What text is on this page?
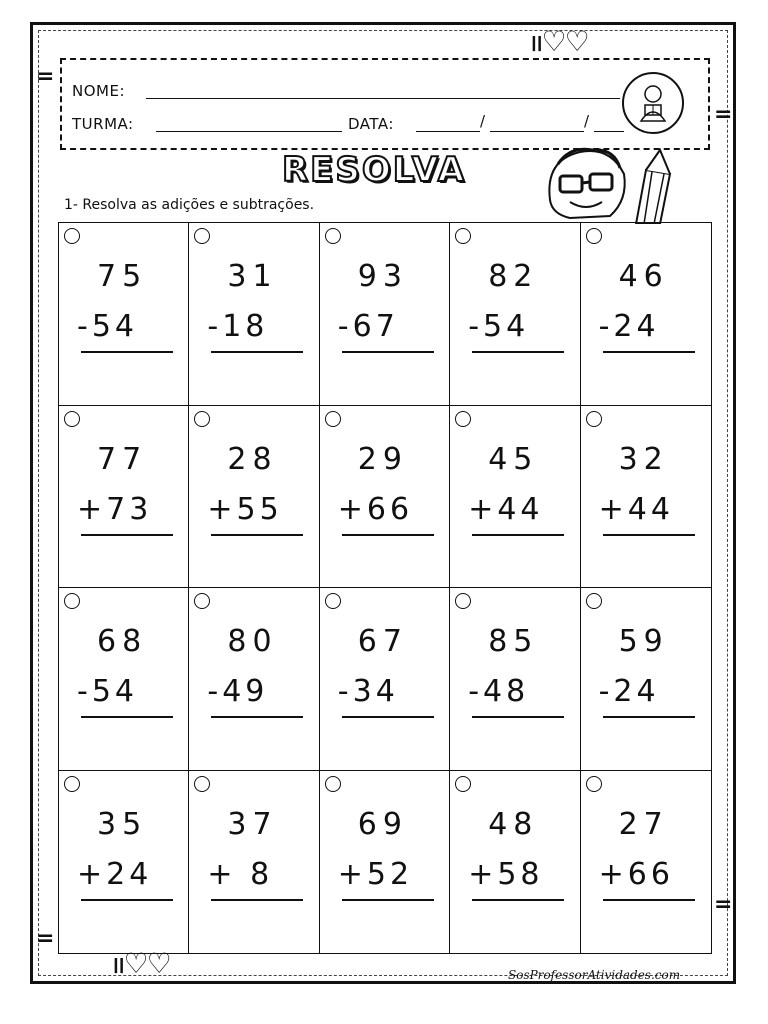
=
=
=
=
ıı♡♡
ıı♡♡
NOME:
TURMA:	DATA:	/	/
RESOLVA
1- Resolva as adições e subtrações.
75
-54
31
-18
93
-67
82
-54
46
-24
77
+73
28
+55
29
+66
45
+44
32
+44
68
-54
80
-49
67
-34
85
-48
59
-24
35
+24
37
+ 8
69
+52
48
+58
27
+66
SosProfessorAtividades.com
